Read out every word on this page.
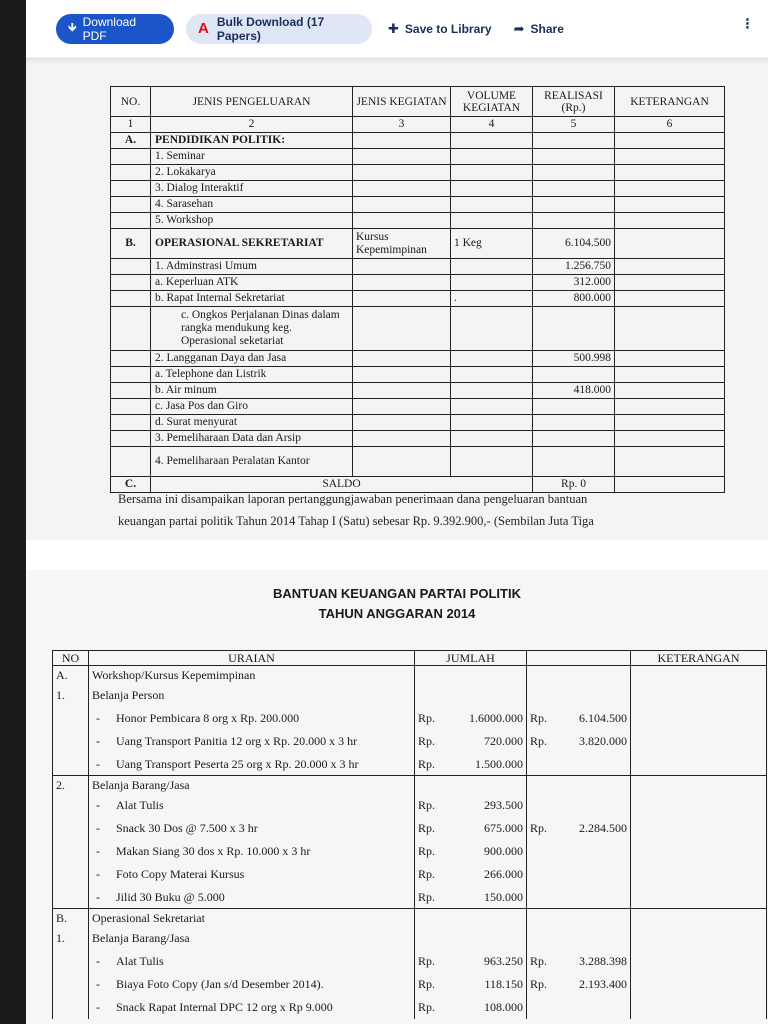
🡻 Download PDF	A Bulk Download (17 Papers)	✚ Save to Library ➦ Share	⁝
NO.	JENIS PENGELUARAN	JENIS KEGIATAN	VOLUME KEGIATAN	REALISASI (Rp.)	KETERANGAN
1	2	3	4	5	6
A.	PENDIDIKAN POLITIK:				
	1. Seminar				
	2. Lokakarya				
	3. Dialog Interaktif				
	4. Sarasehan				
	5. Workshop				
B.	OPERASIONAL SEKRETARIAT	Kursus Kepemimpinan	1 Keg	6.104.500	
	1. Adminstrasi Umum			1.256.750	
	a. Keperluan ATK			312.000	
	b. Rapat Internal Sekretariat		.	800.000	
	c. Ongkos Perjalanan Dinas dalam rangka mendukung keg. Operasional seketariat				
	2. Langganan Daya dan Jasa			500.998	
	a. Telephone dan Listrik				
	b. Air minum			418.000	
	c. Jasa Pos dan Giro				
	d. Surat menyurat				
	3. Pemeliharaan Data dan Arsip				
	4. Pemeliharaan Peralatan Kantor				
C.	SALDO			Rp. 0	
Bersama ini disampaikan laporan pertanggungjawaban penerimaan dana pengeluaran bantuan
keuangan partai politik Tahun 2014 Tahap I (Satu) sebesar Rp. 9.392.900,- (Sembilan Juta Tiga
BANTUAN KEUANGAN PARTAI POLITIK
TAHUN ANGGARAN 2014
NO	URAIAN	JUMLAH		KETERANGAN
A.	Workshop/Kursus Kepemimpinan			
1.	Belanja Person			
	- Honor Pembicara 8 org x Rp. 200.000	Rp. 1.6000.000	Rp. 6.104.500	

	- Uang Transport Panitia 12 org x Rp. 20.000 x 3 hr	Rp. 720.000	Rp. 3.820.000	

	- Uang Transport Peserta 25 org x Rp. 20.000 x 3 hr	Rp. 1.500.000		

2.	Belanja Barang/Jasa			
	- Alat Tulis	Rp. 293.500		

	- Snack 30 Dos @ 7.500 x 3 hr	Rp. 675.000	Rp. 2.284.500	

	- Makan Siang 30 dos x Rp. 10.000 x 3 hr	Rp. 900.000		

	- Foto Copy Materai Kursus	Rp. 266.000		

	- Jilid 30 Buku @ 5.000	Rp. 150.000		

B.	Operasional Sekretariat			
1.	Belanja Barang/Jasa			
	- Alat Tulis	Rp. 963.250	Rp. 3.288.398	

	- Biaya Foto Copy (Jan s/d Desember 2014).	Rp. 118.150	Rp. 2.193.400	

	- Snack Rapat Internal DPC 12 org x Rp 9.000	Rp. 108.000		
